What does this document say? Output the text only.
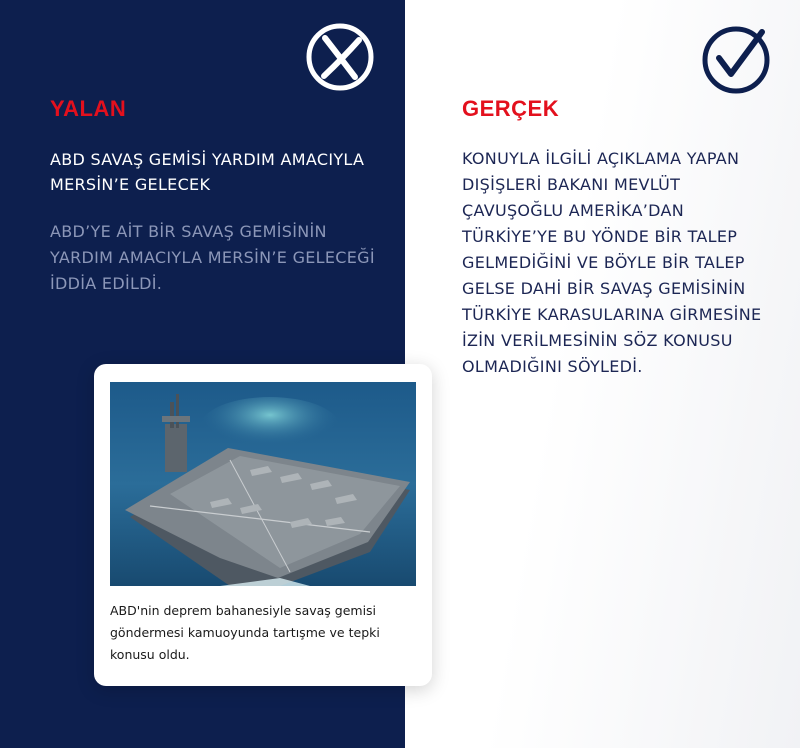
YALAN
ABD SAVAŞ GEMİSİ YARDIM AMACIYLA MERSİN’E GELECEK
ABD’YE AİT BİR SAVAŞ GEMİSİNİN YARDIM AMACIYLA MERSİN’E GELECEĞİ İDDİA EDİLDİ.
GERÇEK
KONUYLA İLGİLİ AÇIKLAMA YAPAN DIŞİŞLERİ BAKANI MEVLÜT ÇAVUŞOĞLU AMERİKA’DAN TÜRKİYE’YE BU YÖNDE BİR TALEP GELMEDİĞİNİ VE BÖYLE BİR TALEP GELSE DAHİ BİR SAVAŞ GEMİSİNİN TÜRKİYE KARASULARINA GİRMESİNE İZİN VERİLMESİNİN SÖZ KONUSU OLMADIĞINI SÖYLEDİ.
ABD'nin deprem bahanesiyle savaş gemisi göndermesi kamuoyunda tartışme ve tepki konusu oldu.
